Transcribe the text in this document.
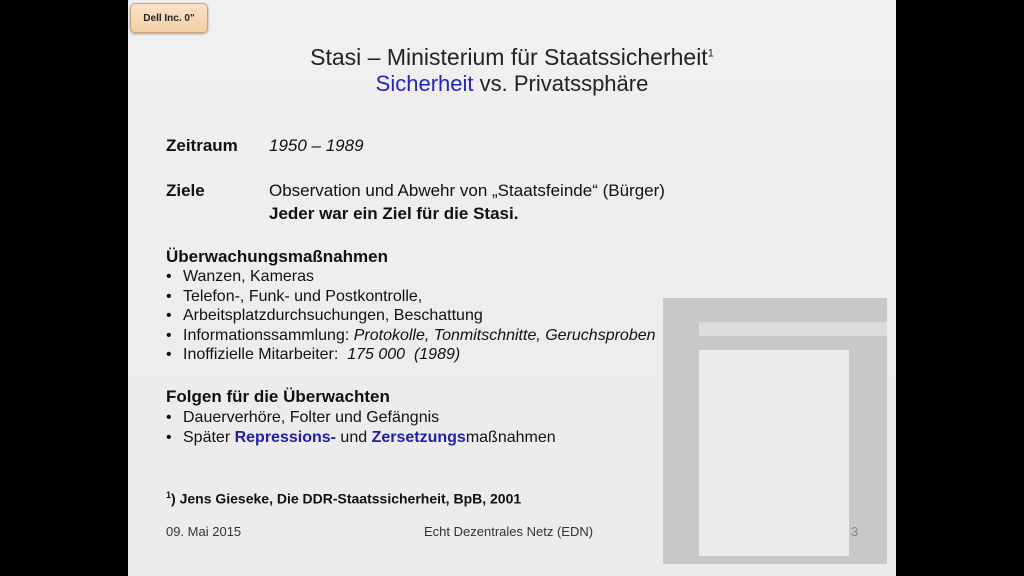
Dell Inc. 0"
Stasi – Ministerium für Staatssicherheit$^1$
Sicherheit vs. Privatssphäre
Zeitraum 1950 – 1989
Ziele	Observation und Abwehr von „Staatsfeinde“ (Bürger)
Jeder war ein Ziel für die Stasi.
Überwachungsmaßnahmen
• Wanzen, Kameras
• Telefon-, Funk- und Postkontrolle,
• Arbeitsplatzdurchsuchungen, Beschattung
• Informationssammlung: Protokolle, Tonmitschnitte, Geruchsproben
• Inoffizielle Mitarbeiter:  175 000  (1989)
Folgen für die Überwachten
• Dauerverhöre, Folter und Gefängnis
• Später Repressions- und Zersetzungsmaßnahmen
$^1$) Jens Gieseke, Die DDR-Staatssicherheit, BpB, 2001
09. Mai 2015	Echt Dezentrales Netz (EDN)	3
